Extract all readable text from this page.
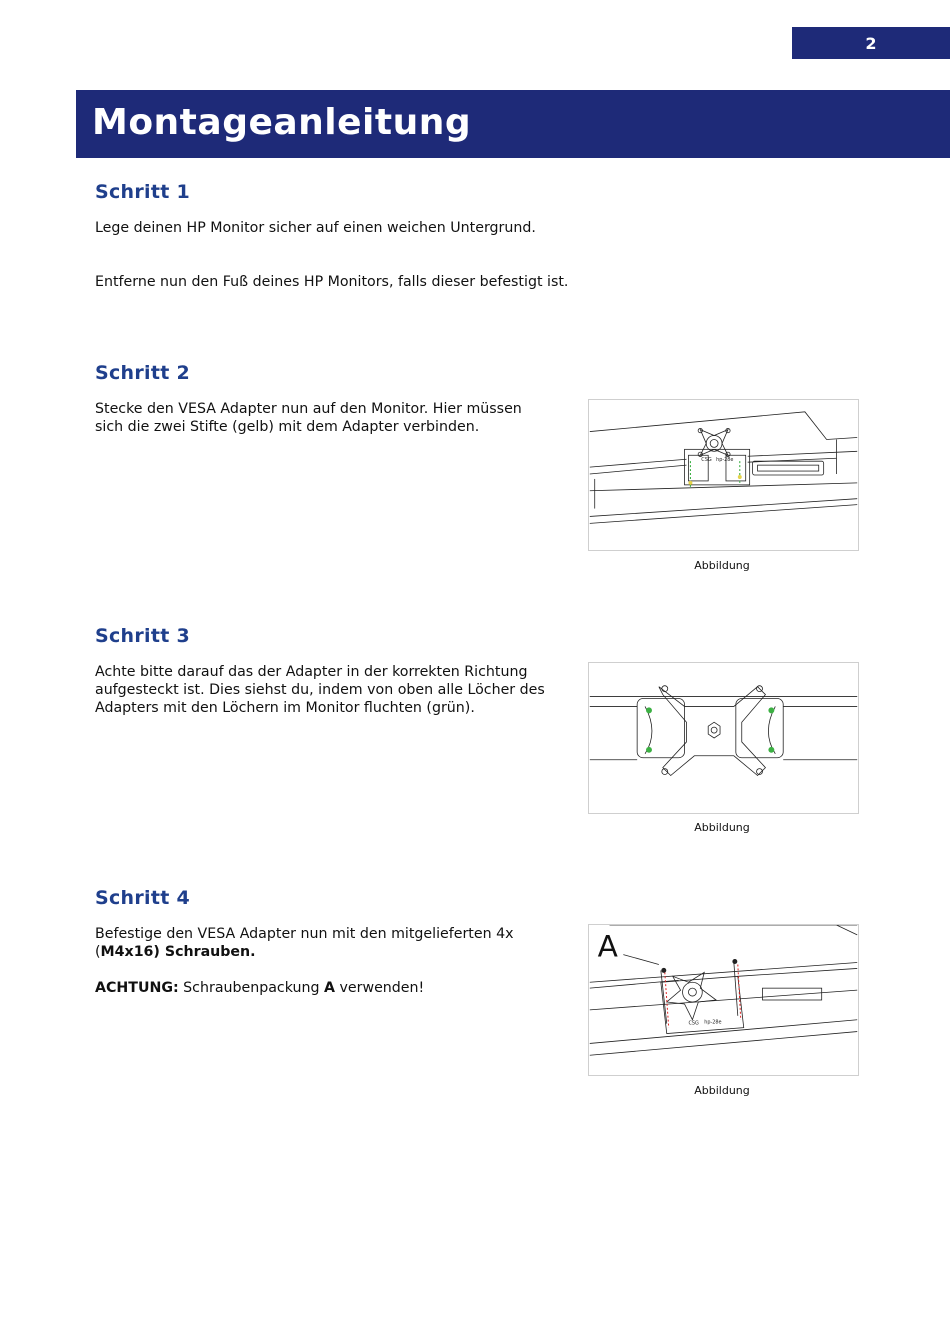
2
Montageanleitung
Schritt 1

Lege deinen HP Monitor sicher auf einen weichen Untergrund.

Entferne nun den Fuß deines HP Monitors, falls dieser befestigt ist.

Schritt 2

Stecke den VESA Adapter nun auf den Monitor. Hier müssen sich die zwei Stifte (gelb) mit dem Adapter verbinden.

CSG hp-28e
Abbildung
Schritt 3

Achte bitte darauf das der Adapter in der korrekten Richtung aufgesteckt ist. Dies siehst du, indem von oben alle Löcher des Adapters mit den Löchern im Monitor fluchten (grün).

Abbildung
Schritt 4

Befestige den VESA Adapter nun mit den mitgelieferten 4x (M4x16) Schrauben.

ACHTUNG: Schraubenpackung A verwenden!

A
CSG hp-28e
Abbildung
